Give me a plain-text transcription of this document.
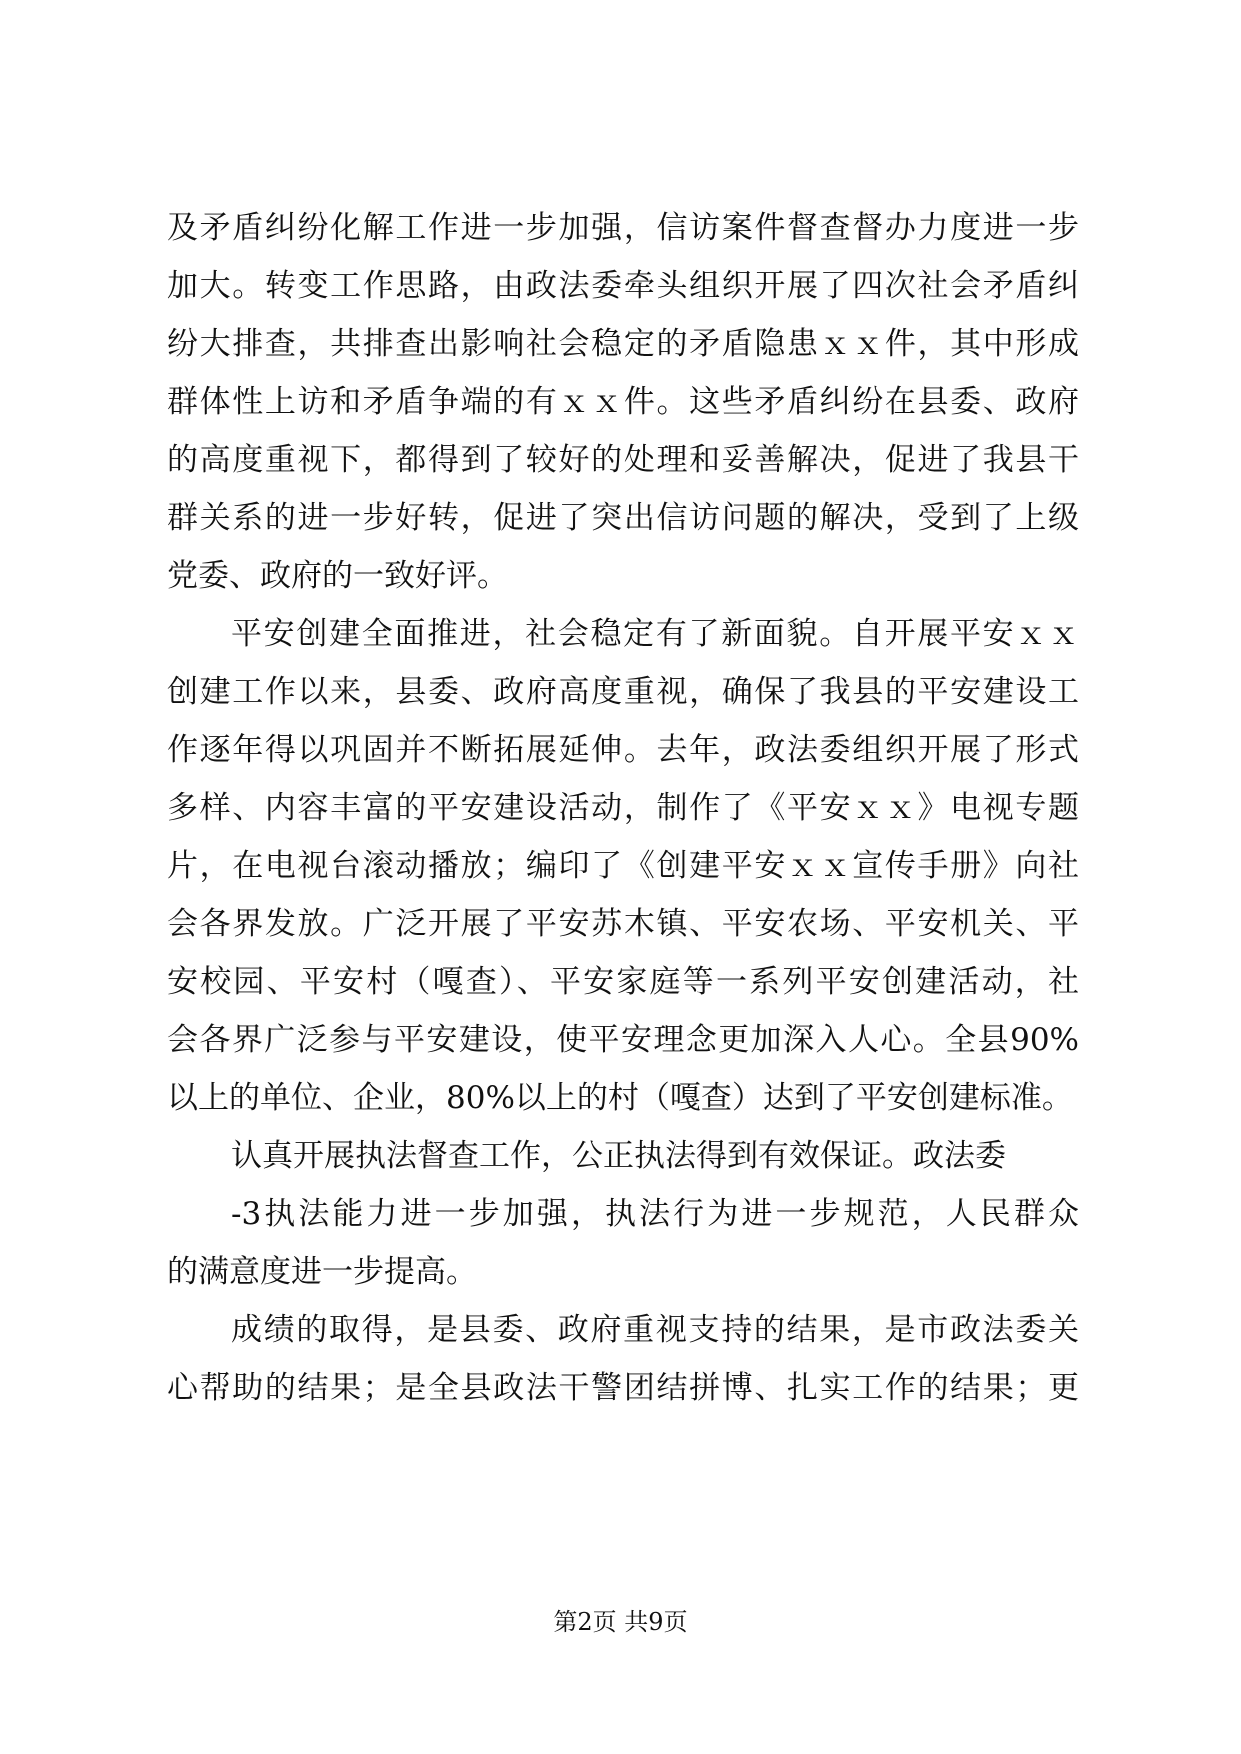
及矛盾纠纷化解工作进一步加强，信访案件督查督办力度进一步
加大。转变工作思路，由政法委牵头组织开展了四次社会矛盾纠
纷大排查，共排查出影响社会稳定的矛盾隐患ｘｘ件，其中形成
群体性上访和矛盾争端的有ｘｘ件。这些矛盾纠纷在县委、政府
的高度重视下，都得到了较好的处理和妥善解决，促进了我县干
群关系的进一步好转，促进了突出信访问题的解决，受到了上级
党委、政府的一致好评。
平安创建全面推进，社会稳定有了新面貌。自开展平安ｘｘ
创建工作以来，县委、政府高度重视，确保了我县的平安建设工
作逐年得以巩固并不断拓展延伸。去年，政法委组织开展了形式
多样、内容丰富的平安建设活动，制作了《平安ｘｘ》电视专题
片，在电视台滚动播放；编印了《创建平安ｘｘ宣传手册》向社
会各界发放。广泛开展了平安苏木镇、平安农场、平安机关、平
安校园、平安村（嘎查）、平安家庭等一系列平安创建活动，社
会各界广泛参与平安建设，使平安理念更加深入人心。全县90%
以上的单位、企业，80%以上的村（嘎查）达到了平安创建标准。
认真开展执法督查工作，公正执法得到有效保证。政法委
-3执法能力进一步加强，执法行为进一步规范，人民群众
的满意度进一步提高。
成绩的取得，是县委、政府重视支持的结果，是市政法委关
心帮助的结果；是全县政法干警团结拼博、扎实工作的结果；更
第2页 共9页
